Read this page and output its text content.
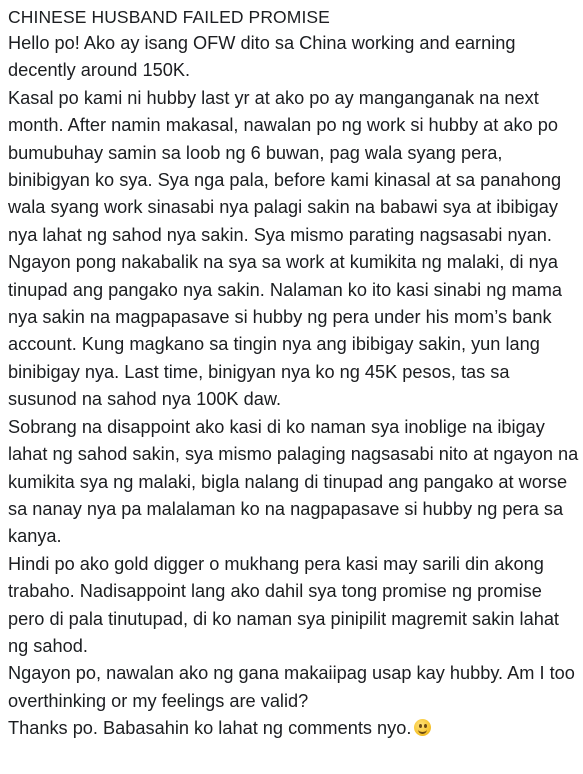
CHINESE HUSBAND FAILED PROMISE

Hello po! Ako ay isang OFW dito sa China working and earning decently around 150K.

Kasal po kami ni hubby last yr at ako po ay manganganak na next month. After namin makasal, nawalan po ng work si hubby at ako po bumubuhay samin sa loob ng 6 buwan, pag wala syang pera, binibigyan ko sya. Sya nga pala, before kami kinasal at sa panahong wala syang work sinasabi nya palagi sakin na babawi sya at ibibigay nya lahat ng sahod nya sakin. Sya mismo parating nagsasabi nyan. Ngayon pong nakabalik na sya sa work at kumikita ng malaki, di nya tinupad ang pangako nya sakin. Nalaman ko ito kasi sinabi ng mama nya sakin na magpapasave si hubby ng pera under his mom’s bank account. Kung magkano sa tingin nya ang ibibigay sakin, yun lang binibigay nya. Last time, binigyan nya ko ng 45K pesos, tas sa susunod na sahod nya 100K daw.

Sobrang na disappoint ako kasi di ko naman sya inoblige na ibigay lahat ng sahod sakin, sya mismo palaging nagsasabi nito at ngayon na kumikita sya ng malaki, bigla nalang di tinupad ang pangako at worse sa nanay nya pa malalaman ko na nagpapasave si hubby ng pera sa kanya.

Hindi po ako gold digger o mukhang pera kasi may sarili din akong trabaho. Nadisappoint lang ako dahil sya tong promise ng promise pero di pala tinutupad, di ko naman sya pinipilit magremit sakin lahat ng sahod.

Ngayon po, nawalan ako ng gana makaiipag usap kay hubby. Am I too overthinking or my feelings are valid?

Thanks po. Babasahin ko lahat ng comments nyo.
